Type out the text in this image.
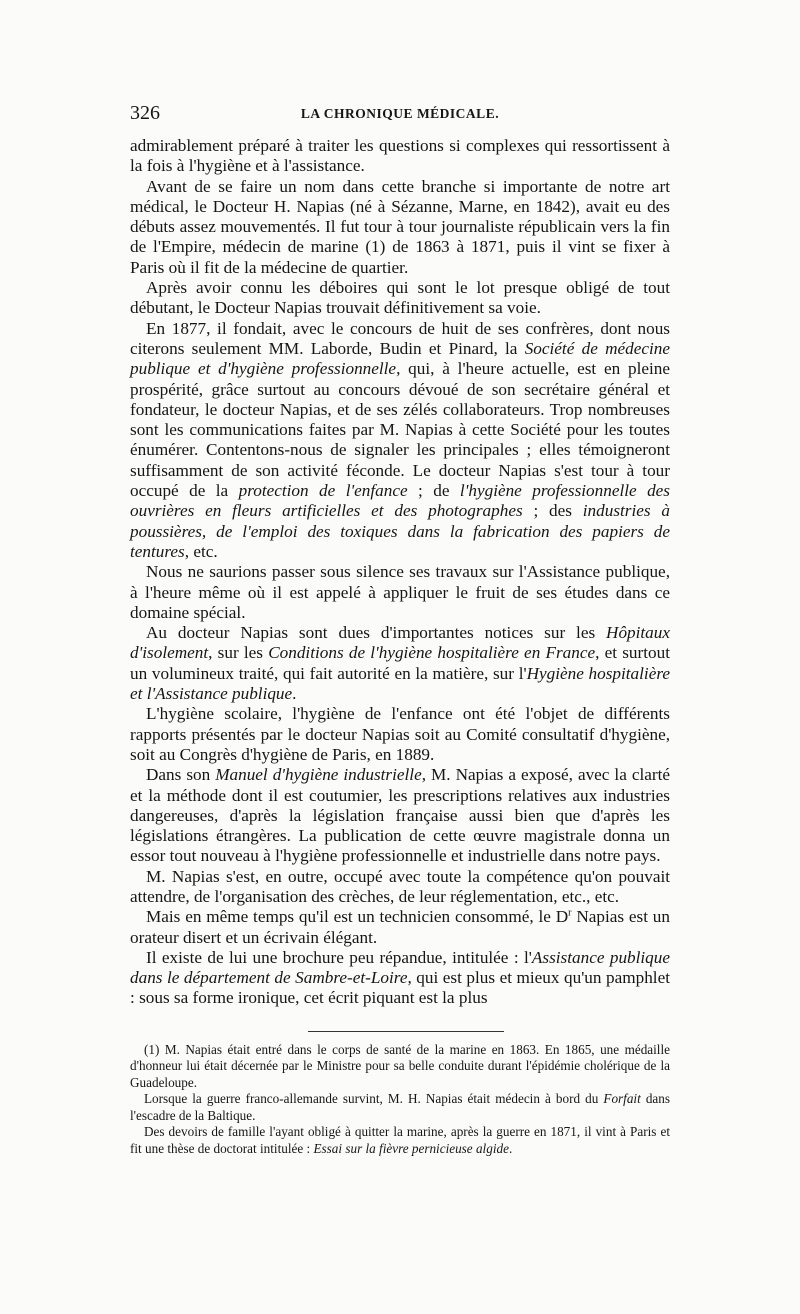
326	LA CHRONIQUE MÉDICALE.

admirablement préparé à traiter les questions si complexes qui ressortissent à la fois à l'hygiène et à l'assistance.

Avant de se faire un nom dans cette branche si importante de notre art médical, le Docteur H. Napias (né à Sézanne, Marne, en 1842), avait eu des débuts assez mouvementés. Il fut tour à tour journaliste républicain vers la fin de l'Empire, médecin de marine (1) de 1863 à 1871, puis il vint se fixer à Paris où il fit de la médecine de quartier.

Après avoir connu les déboires qui sont le lot presque obligé de tout débutant, le Docteur Napias trouvait définitivement sa voie.

En 1877, il fondait, avec le concours de huit de ses confrères, dont nous citerons seulement MM. Laborde, Budin et Pinard, la Société de médecine publique et d'hygiène professionnelle, qui, à l'heure actuelle, est en pleine prospérité, grâce surtout au concours dévoué de son secrétaire général et fondateur, le docteur Napias, et de ses zélés collaborateurs. Trop nombreuses sont les communications faites par M. Napias à cette Société pour les toutes énumérer. Contentons-nous de signaler les principales ; elles témoigneront suffisamment de son activité féconde. Le docteur Napias s'est tour à tour occupé de la protection de l'enfance ; de l'hygiène professionnelle des ouvrières en fleurs artificielles et des photographes ; des industries à poussières, de l'emploi des toxiques dans la fabrication des papiers de tentures, etc.

Nous ne saurions passer sous silence ses travaux sur l'Assistance publique, à l'heure même où il est appelé à appliquer le fruit de ses études dans ce domaine spécial.

Au docteur Napias sont dues d'importantes notices sur les Hôpitaux d'isolement, sur les Conditions de l'hygiène hospitalière en France, et surtout un volumineux traité, qui fait autorité en la matière, sur l'Hygiène hospitalière et l'Assistance publique.

L'hygiène scolaire, l'hygiène de l'enfance ont été l'objet de différents rapports présentés par le docteur Napias soit au Comité consultatif d'hygiène, soit au Congrès d'hygiène de Paris, en 1889.

Dans son Manuel d'hygiène industrielle, M. Napias a exposé, avec la clarté et la méthode dont il est coutumier, les prescriptions relatives aux industries dangereuses, d'après la législation française aussi bien que d'après les législations étrangères. La publication de cette œuvre magistrale donna un essor tout nouveau à l'hygiène professionnelle et industrielle dans notre pays.

M. Napias s'est, en outre, occupé avec toute la compétence qu'on pouvait attendre, de l'organisation des crèches, de leur réglementation, etc., etc.

Mais en même temps qu'il est un technicien consommé, le $D^r$ Napias est un orateur disert et un écrivain élégant.

Il existe de lui une brochure peu répandue, intitulée : l'Assistance publique dans le département de Sambre-et-Loire, qui est plus et mieux qu'un pamphlet : sous sa forme ironique, cet écrit piquant est la plus

(1) M. Napias était entré dans le corps de santé de la marine en 1863. En 1865, une médaille d'honneur lui était décernée par le Ministre pour sa belle conduite durant l'épidémie cholérique de la Guadeloupe.

Lorsque la guerre franco-allemande survint, M. H. Napias était médecin à bord du Forfait dans l'escadre de la Baltique.

Des devoirs de famille l'ayant obligé à quitter la marine, après la guerre en 1871, il vint à Paris et fit une thèse de doctorat intitulée : Essai sur la fièvre pernicieuse algide.
